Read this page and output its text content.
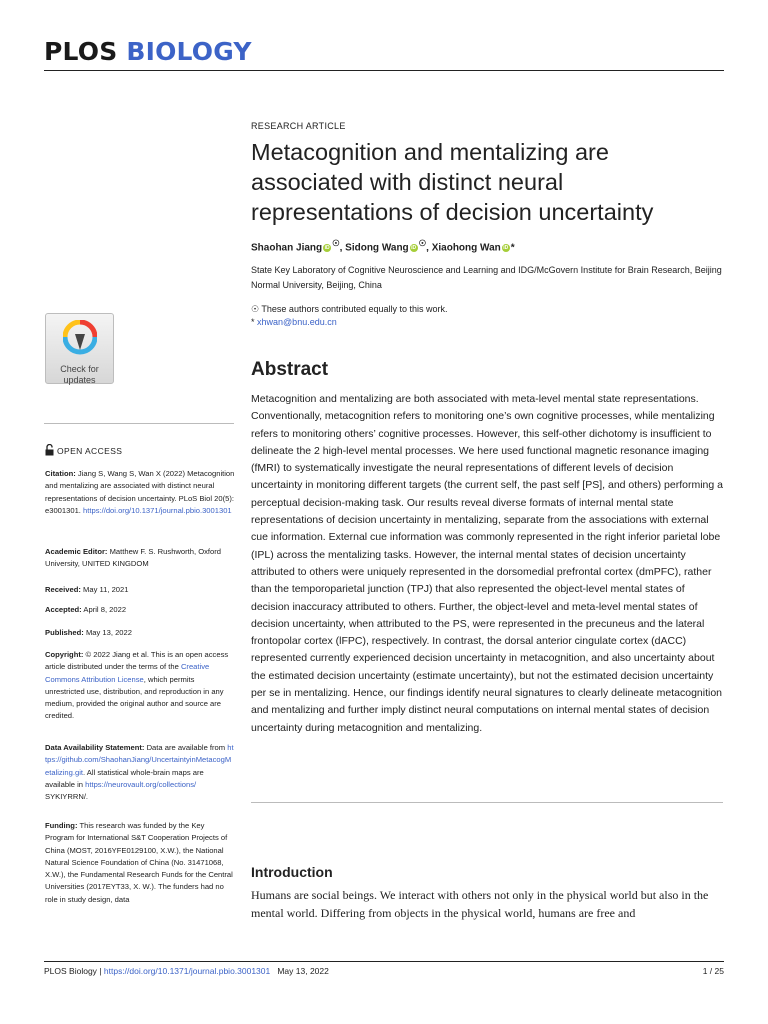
PLOS BIOLOGY
RESEARCH ARTICLE
Metacognition and mentalizing are associated with distinct neural representations of decision uncertainty
Shaohan Jiang iD ☉, Sidong Wang iD ☉, Xiaohong Wan iD *
State Key Laboratory of Cognitive Neuroscience and Learning and IDG/McGovern Institute for Brain Research, Beijing Normal University, Beijing, China
☉ These authors contributed equally to this work.
* xhwan@bnu.edu.cn
Abstract

Metacognition and mentalizing are both associated with meta-level mental state representations. Conventionally, metacognition refers to monitoring one’s own cognitive processes, while mentalizing refers to monitoring others’ cognitive processes. However, this self-other dichotomy is insufficient to delineate the 2 high-level mental processes. We here used functional magnetic resonance imaging (fMRI) to systematically investigate the neural representations of different levels of decision uncertainty in monitoring different targets (the current self, the past self [PS], and others) performing a perceptual decision-making task. Our results reveal diverse formats of internal mental state representations of decision uncertainty in mentalizing, separate from the associations with external cue information. External cue information was commonly represented in the right inferior parietal lobe (IPL) across the mentalizing tasks. However, the internal mental states of decision uncertainty attributed to others were uniquely represented in the dorsomedial prefrontal cortex (dmPFC), rather than the temporoparietal junction (TPJ) that also represented the object-level mental states of decision inaccuracy attributed to others. Further, the object-level and meta-level mental states of decision uncertainty, when attributed to the PS, were represented in the precuneus and the lateral frontopolar cortex (lFPC), respectively. In contrast, the dorsal anterior cingulate cortex (dACC) represented currently experienced decision uncertainty in metacognition, and also uncertainty about the estimated decision uncertainty (estimate uncertainty), but not the estimated decision uncertainty per se in mentalizing. Hence, our findings identify neural signatures to clearly delineate metacognition and mentalizing and further imply distinct neural computations on internal mental states of decision uncertainty during metacognition and mentalizing.

Introduction

Humans are social beings. We interact with others not only in the physical world but also in the mental world. Differing from objects in the physical world, humans are free and

Check for
updates
OPEN ACCESS
Citation: Jiang S, Wang S, Wan X (2022) Metacognition and mentalizing are associated with distinct neural representations of decision uncertainty. PLoS Biol 20(5): e3001301. https://doi.org/10.1371/journal.pbio.3001301
Academic Editor: Matthew F. S. Rushworth, Oxford University, UNITED KINGDOM
Received: May 11, 2021
Accepted: April 8, 2022
Published: May 13, 2022
Copyright: © 2022 Jiang et al. This is an open access article distributed under the terms of the Creative Commons Attribution License, which permits unrestricted use, distribution, and reproduction in any medium, provided the original author and source are credited.
Data Availability Statement: Data are available from https://github.com/ShaohanJiang/UncertaintyinMetacogMetalizing.git. All statistical whole-brain maps are available in https://neurovault.org/collections/ SYKIYRRN/.
Funding: This research was funded by the Key Program for International S&T Cooperation Projects of China (MOST, 2016YFE0129100, X.W.), the National Natural Science Foundation of China (No. 31471068, X.W.), the Fundamental Research Funds for the Central Universities (2017EYT33, X. W.). The funders had no role in study design, data
PLOS Biology | https://doi.org/10.1371/journal.pbio.3001301 May 13, 2022	1 / 25
